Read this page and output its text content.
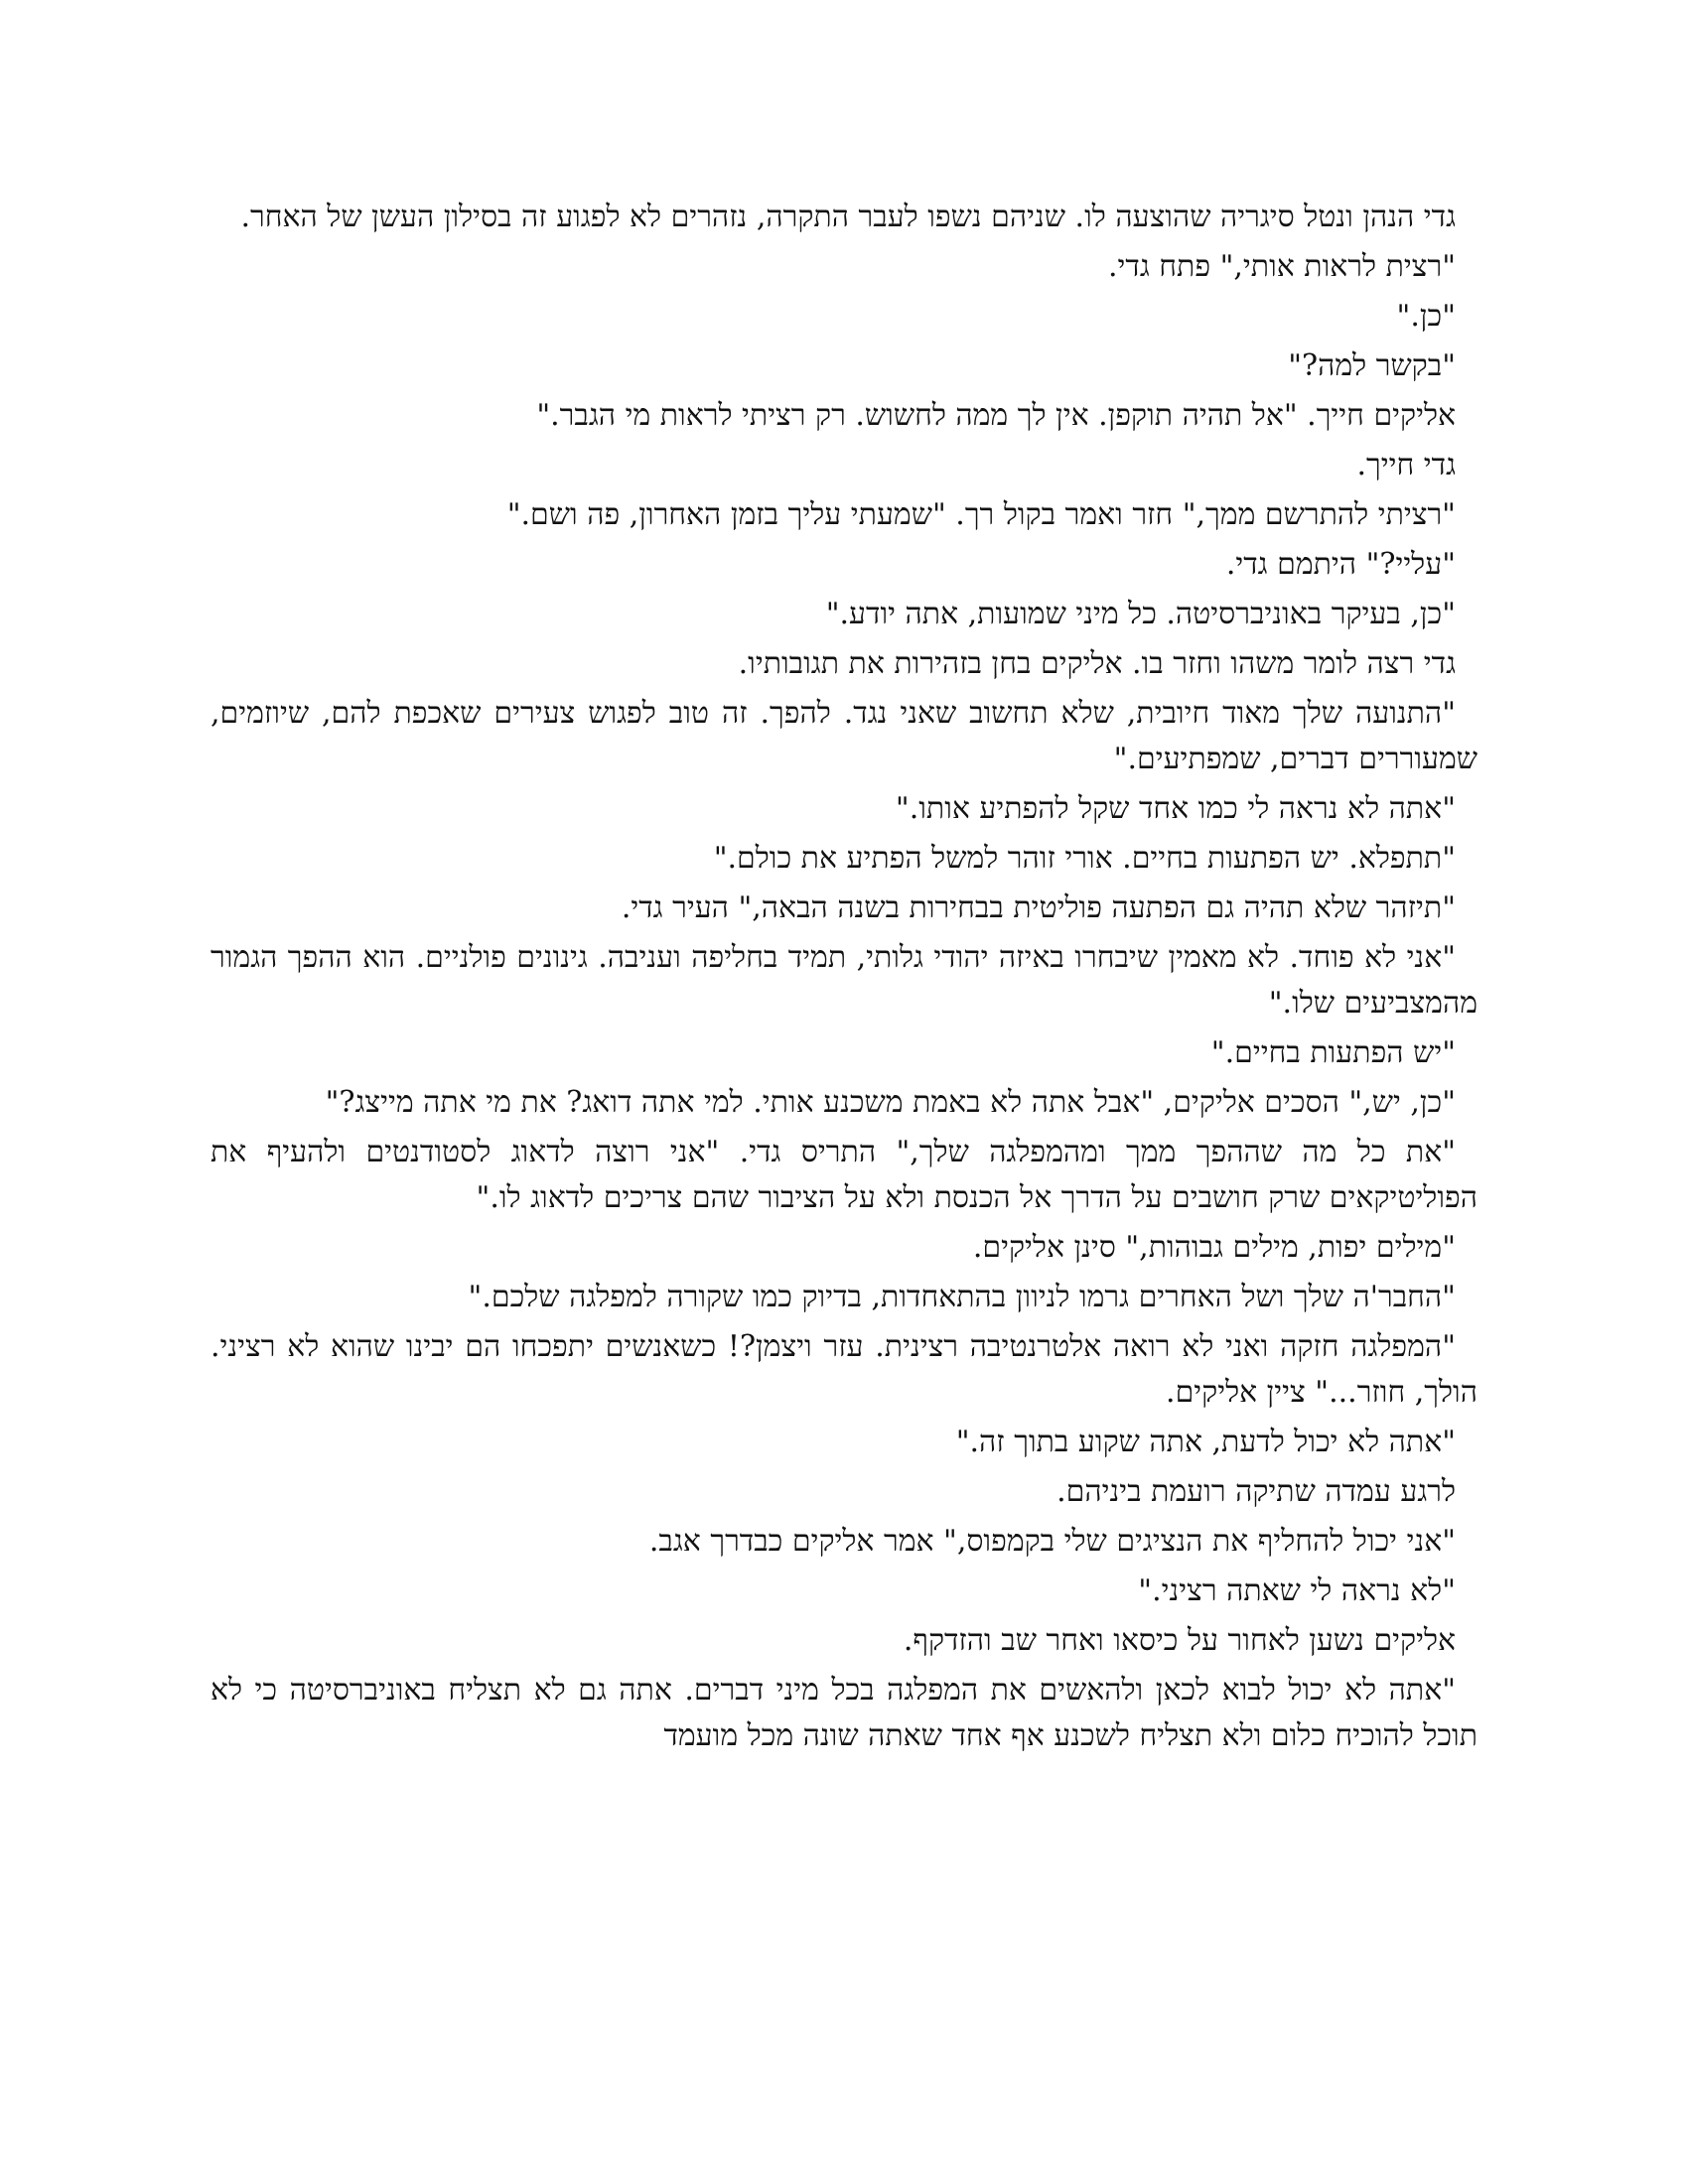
גדי הנהן ונטל סיגריה שהוצעה לו. שניהם נשפו לעבר התקרה, נזהרים לא לפגוע זה בסילון העשן של האחר.

"רצית לראות אותי," פתח גדי.

"כן."

"בקשר למה?"

אליקים חייך. "אל תהיה תוקפן. אין לך ממה לחשוש. רק רציתי לראות מי הגבר."

גדי חייך.

"רציתי להתרשם ממך," חזר ואמר בקול רך. "שמעתי עליך בזמן האחרון, פה ושם."

"עליי?" היתמם גדי.

"כן, בעיקר באוניברסיטה. כל מיני שמועות, אתה יודע."

גדי רצה לומר משהו וחזר בו. אליקים בחן בזהירות את תגובותיו.

"התנועה שלך מאוד חיובית, שלא תחשוב שאני נגד. להפך. זה טוב לפגוש צעירים שאכפת להם, שיוזמים, שמעוררים דברים, שמפתיעים."

"אתה לא נראה לי כמו אחד שקל להפתיע אותו."

"תתפלא. יש הפתעות בחיים. אורי זוהר למשל הפתיע את כולם."

"תיזהר שלא תהיה גם הפתעה פוליטית בבחירות בשנה הבאה," העיר גדי.

"אני לא פוחד. לא מאמין שיבחרו באיזה יהודי גלותי, תמיד בחליפה ועניבה. גינונים פולניים. הוא ההפך הגמור מהמצביעים שלו."

"יש הפתעות בחיים."

"כן, יש," הסכים אליקים, "אבל אתה לא באמת משכנע אותי. למי אתה דואג? את מי אתה מייצג?"

"את כל מה שההפך ממך ומהמפלגה שלך," התריס גדי. "אני רוצה לדאוג לסטודנטים ולהעיף את הפוליטיקאים שרק חושבים על הדרך אל הכנסת ולא על הציבור שהם צריכים לדאוג לו."

"מילים יפות, מילים גבוהות," סינן אליקים.

"החבר'ה שלך ושל האחרים גרמו לניוון בהתאחדות, בדיוק כמו שקורה למפלגה שלכם."

"המפלגה חזקה ואני לא רואה אלטרנטיבה רצינית. עזר ויצמן?! כשאנשים יתפכחו הם יבינו שהוא לא רציני. הולך, חוזר..." ציין אליקים.

"אתה לא יכול לדעת, אתה שקוע בתוך זה."

לרגע עמדה שתיקה רועמת ביניהם.

"אני יכול להחליף את הנציגים שלי בקמפוס," אמר אליקים כבדרך אגב.

"לא נראה לי שאתה רציני."

אליקים נשען לאחור על כיסאו ואחר שב והזדקף.

"אתה לא יכול לבוא לכאן ולהאשים את המפלגה בכל מיני דברים. אתה גם לא תצליח באוניברסיטה כי לא תוכל להוכיח כלום ולא תצליח לשכנע אף אחד שאתה שונה מכל מועמד
